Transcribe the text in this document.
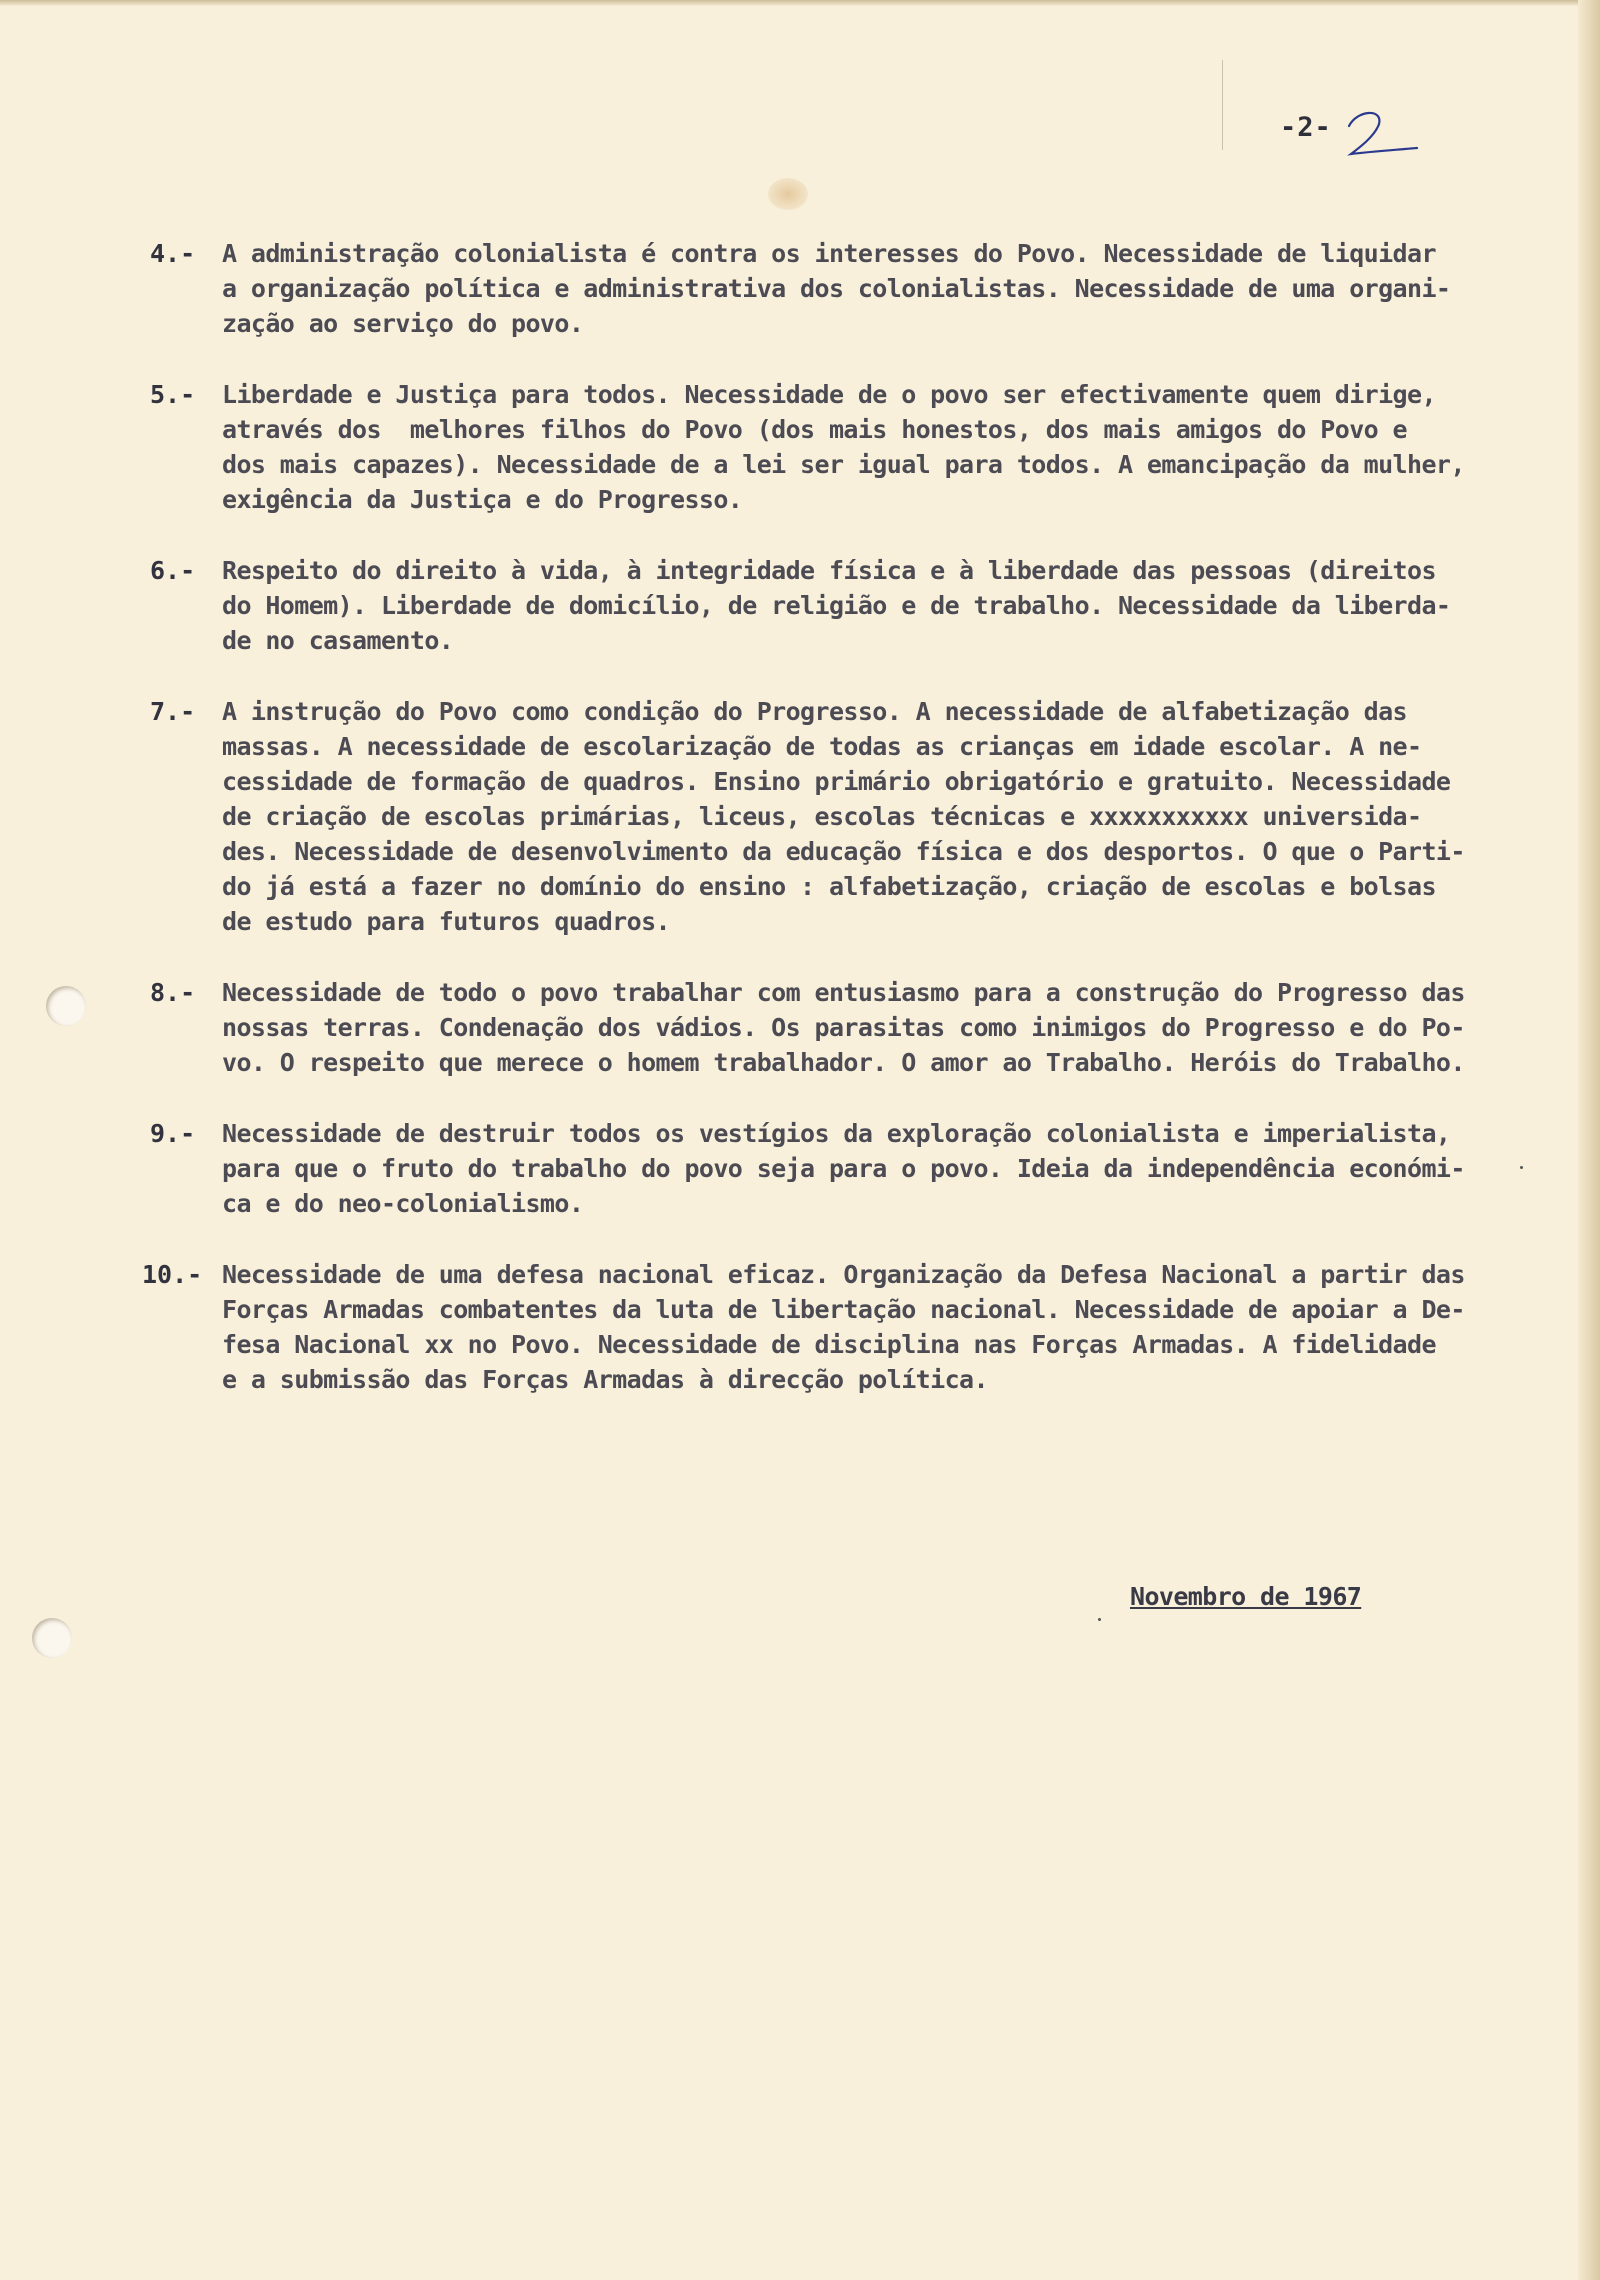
-2-
4.-	A administração colonialista é contra os interesses do Povo. Necessidade de liquidar
a organização política e administrativa dos colonialistas. Necessidade de uma organi-
zação ao serviço do povo.
5.-	Liberdade e Justiça para todos. Necessidade de o povo ser efectivamente quem dirige,
através dos  melhores filhos do Povo (dos mais honestos, dos mais amigos do Povo e
dos mais capazes). Necessidade de a lei ser igual para todos. A emancipação da mulher,
exigência da Justiça e do Progresso.
6.-	Respeito do direito à vida, à integridade física e à liberdade das pessoas (direitos
do Homem). Liberdade de domicílio, de religião e de trabalho. Necessidade da liberda-
de no casamento.
7.-	A instrução do Povo como condição do Progresso. A necessidade de alfabetização das
massas. A necessidade de escolarização de todas as crianças em idade escolar. A ne-
cessidade de formação de quadros. Ensino primário obrigatório e gratuito. Necessidade
de criação de escolas primárias, liceus, escolas técnicas e xxxxxxxxxxx universida-
des. Necessidade de desenvolvimento da educação física e dos desportos. O que o Parti-
do já está a fazer no domínio do ensino : alfabetização, criação de escolas e bolsas
de estudo para futuros quadros.
8.-	Necessidade de todo o povo trabalhar com entusiasmo para a construção do Progresso das
nossas terras. Condenação dos vádios. Os parasitas como inimigos do Progresso e do Po-
vo. O respeito que merece o homem trabalhador. O amor ao Trabalho. Heróis do Trabalho.
9.-	Necessidade de destruir todos os vestígios da exploração colonialista e imperialista,
para que o fruto do trabalho do povo seja para o povo. Ideia da independência económi-
ca e do neo-colonialismo.
10.- Necessidade de uma defesa nacional eficaz. Organização da Defesa Nacional a partir das
Forças Armadas combatentes da luta de libertação nacional. Necessidade de apoiar a De-
fesa Nacional xx no Povo. Necessidade de disciplina nas Forças Armadas. A fidelidade
e a submissão das Forças Armadas à direcção política.
Novembro de 1967
